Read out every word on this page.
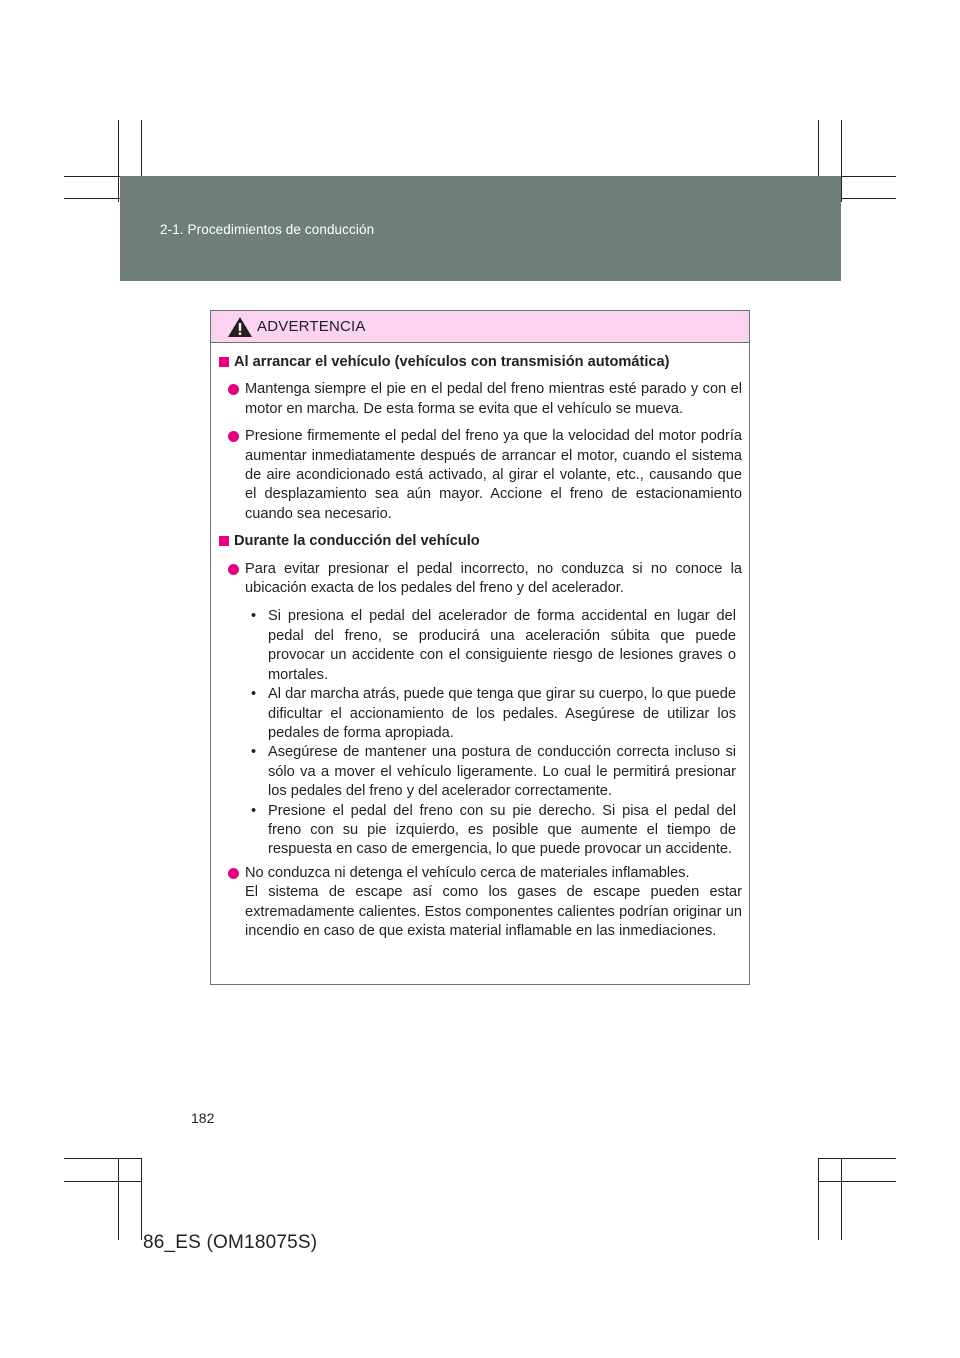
2-1. Procedimientos de conducción
ADVERTENCIA
Al arrancar el vehículo (vehículos con transmisión automática)
Mantenga siempre el pie en el pedal del freno mientras esté parado y con el motor en marcha. De esta forma se evita que el vehículo se mueva.
Presione firmemente el pedal del freno ya que la velocidad del motor podría aumentar inmediatamente después de arrancar el motor, cuando el sistema de aire acondicionado está activado, al girar el volante, etc., causando que el desplazamiento sea aún mayor. Accione el freno de estacionamiento cuando sea necesario.
Durante la conducción del vehículo
Para evitar presionar el pedal incorrecto, no conduzca si no conoce la ubicación exacta de los pedales del freno y del acelerador.
• Si presiona el pedal del acelerador de forma accidental en lugar del pedal del freno, se producirá una aceleración súbita que puede provocar un accidente con el consiguiente riesgo de lesiones graves o mortales.
• Al dar marcha atrás, puede que tenga que girar su cuerpo, lo que puede dificultar el accionamiento de los pedales. Asegúrese de utilizar los pedales de forma apropiada.
• Asegúrese de mantener una postura de conducción correcta incluso si sólo va a mover el vehículo ligeramente. Lo cual le permitirá presionar los pedales del freno y del acelerador correctamente.
• Presione el pedal del freno con su pie derecho. Si pisa el pedal del freno con su pie izquierdo, es posible que aumente el tiempo de respuesta en caso de emergencia, lo que puede provocar un accidente.
No conduzca ni detenga el vehículo cerca de materiales inflamables.
El sistema de escape así como los gases de escape pueden estar extremadamente calientes. Estos componentes calientes podrían originar un incendio en caso de que exista material inflamable en las inmediaciones.
182
86_ES (OM18075S)
